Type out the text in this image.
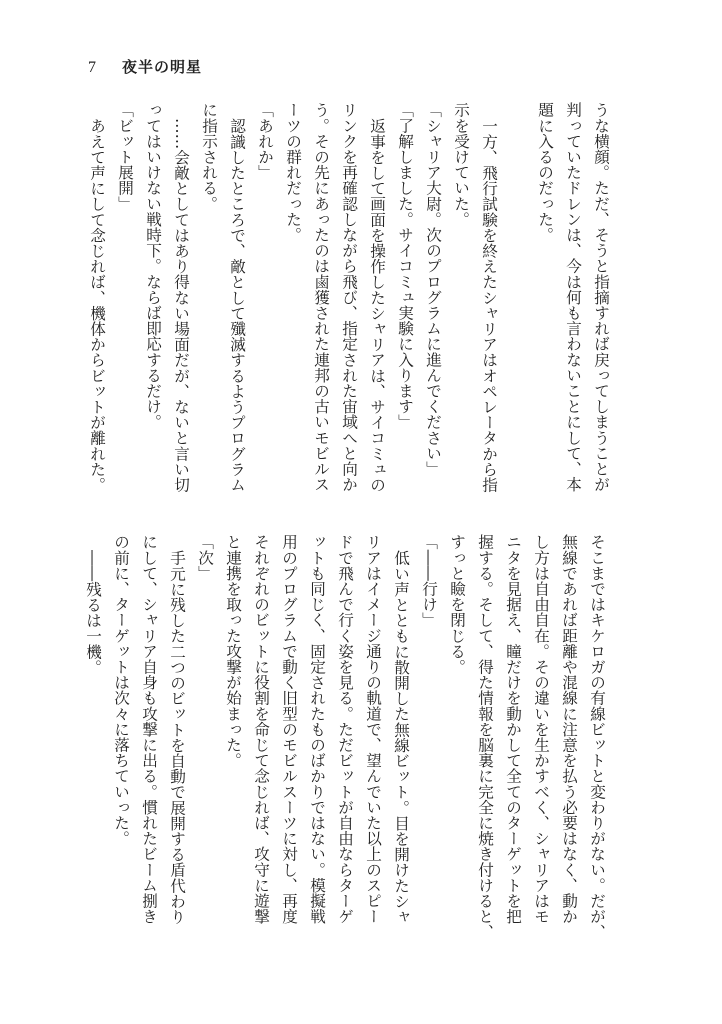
7 夜半の明星
うな横顔。ただ、そうと指摘すれば戻ってしまうことが
判っていたドレンは、今は何も言わないことにして、本
題に入るのだった。
一方、飛行試験を終えたシャリアはオペレータから指
示を受けていた。
「シャリア大尉。次のプログラムに進んでください」
「了解しました。サイコミュ実験に入ります」
返事をして画面を操作したシャリアは、サイコミュの
リンクを再確認しながら飛び、指定された宙域へと向か
う。その先にあったのは鹵獲された連邦の古いモビルス
ーツの群れだった。
「あれか」
認識したところで、敵として殲滅するようプログラム
に指示される。
……会敵としてはあり得ない場面だが、ないと言い切
ってはいけない戦時下。ならば即応するだけ。
「ビット展開」
あえて声にして念じれば、機体からビットが離れた。
そこまではキケロガの有線ビットと変わりがない。だが、
無線であれば距離や混線に注意を払う必要はなく、動か
し方は自由自在。その違いを生かすべく、シャリアはモ
ニタを見据え、瞳だけを動かして全てのターゲットを把
握する。そして、得た情報を脳裏に完全に焼き付けると、
すっと瞼を閉じる。
「――行け」
低い声とともに散開した無線ビット。目を開けたシャ
リアはイメージ通りの軌道で、望んでいた以上のスピー
ドで飛んで行く姿を見る。ただビットが自由ならターゲ
ットも同じく、固定されたものばかりではない。模擬戦
用のプログラムで動く旧型のモビルスーツに対し、再度
それぞれのビットに役割を命じて念じれば、攻守に遊撃
と連携を取った攻撃が始まった。
「次」
手元に残した二つのビットを自動で展開する盾代わり
にして、シャリア自身も攻撃に出る。慣れたビーム捌き
の前に、ターゲットは次々に落ちていった。
――残るは一機。
